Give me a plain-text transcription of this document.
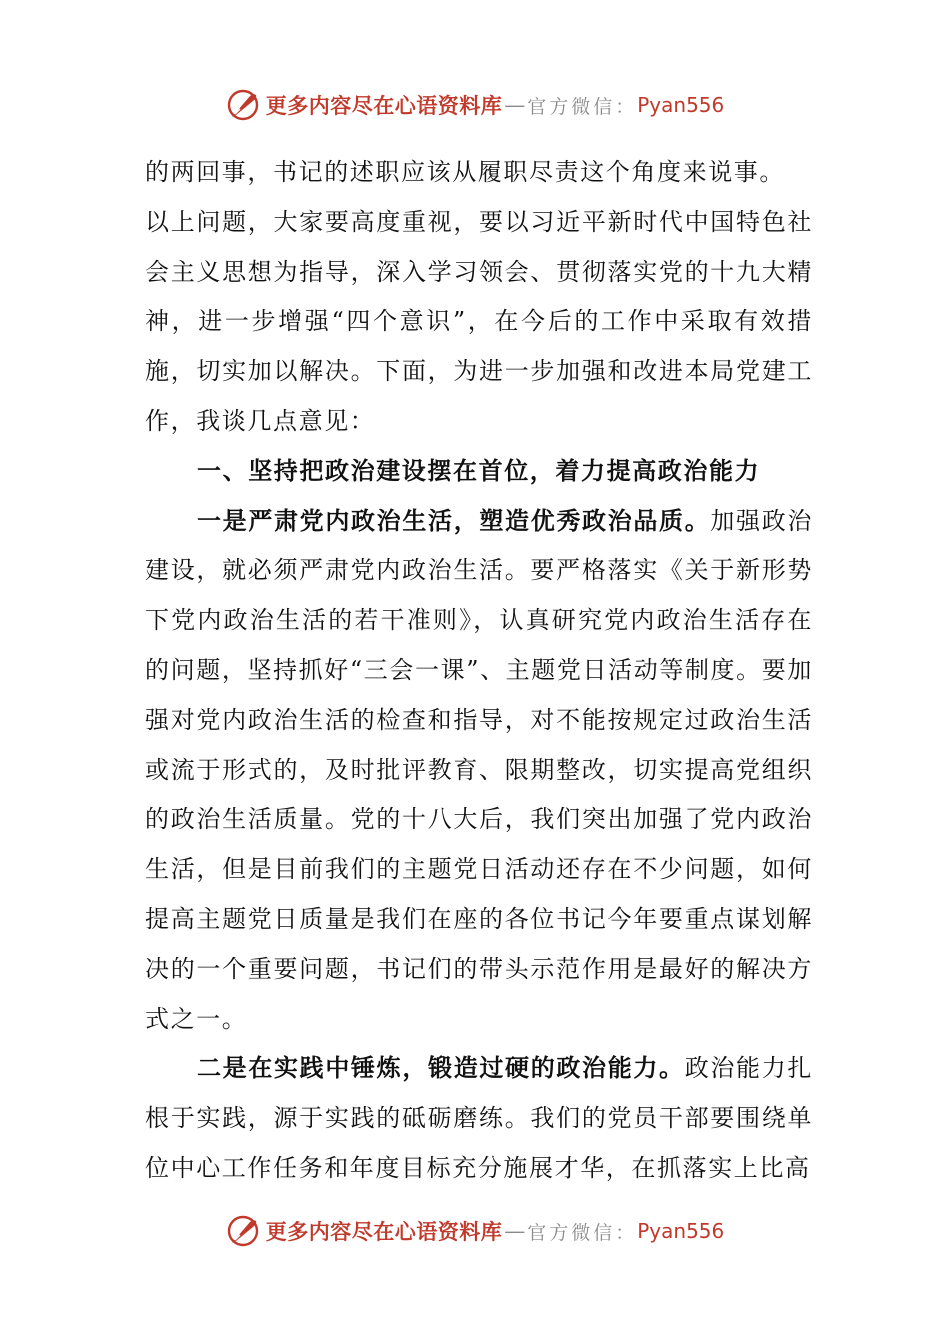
更多内容尽在心语资料库 — 官方微信： Pyan556

的两回事，书记的述职应该从履职尽责这个角度来说事。

以上问题，大家要高度重视，要以习近平新时代中国特色社会主义思想为指导，深入学习领会、贯彻落实党的十九大精神，进一步增强“四个意识”，在今后的工作中采取有效措施，切实加以解决。下面，为进一步加强和改进本局党建工作，我谈几点意见：

一、坚持把政治建设摆在首位，着力提高政治能力

一是严肃党内政治生活，塑造优秀政治品质。加强政治建设，就必须严肃党内政治生活。要严格落实《关于新形势下党内政治生活的若干准则》，认真研究党内政治生活存在的问题，坚持抓好“三会一课”、主题党日活动等制度。要加强对党内政治生活的检查和指导，对不能按规定过政治生活或流于形式的，及时批评教育、限期整改，切实提高党组织的政治生活质量。党的十八大后，我们突出加强了党内政治生活，但是目前我们的主题党日活动还存在不少问题，如何提高主题党日质量是我们在座的各位书记今年要重点谋划解决的一个重要问题，书记们的带头示范作用是最好的解决方式之一。

二是在实践中锤炼，锻造过硬的政治能力。政治能力扎根于实践，源于实践的砥砺磨练。我们的党员干部要围绕单位中心工作任务和年度目标充分施展才华，在抓落实上比高

更多内容尽在心语资料库 — 官方微信： Pyan556
